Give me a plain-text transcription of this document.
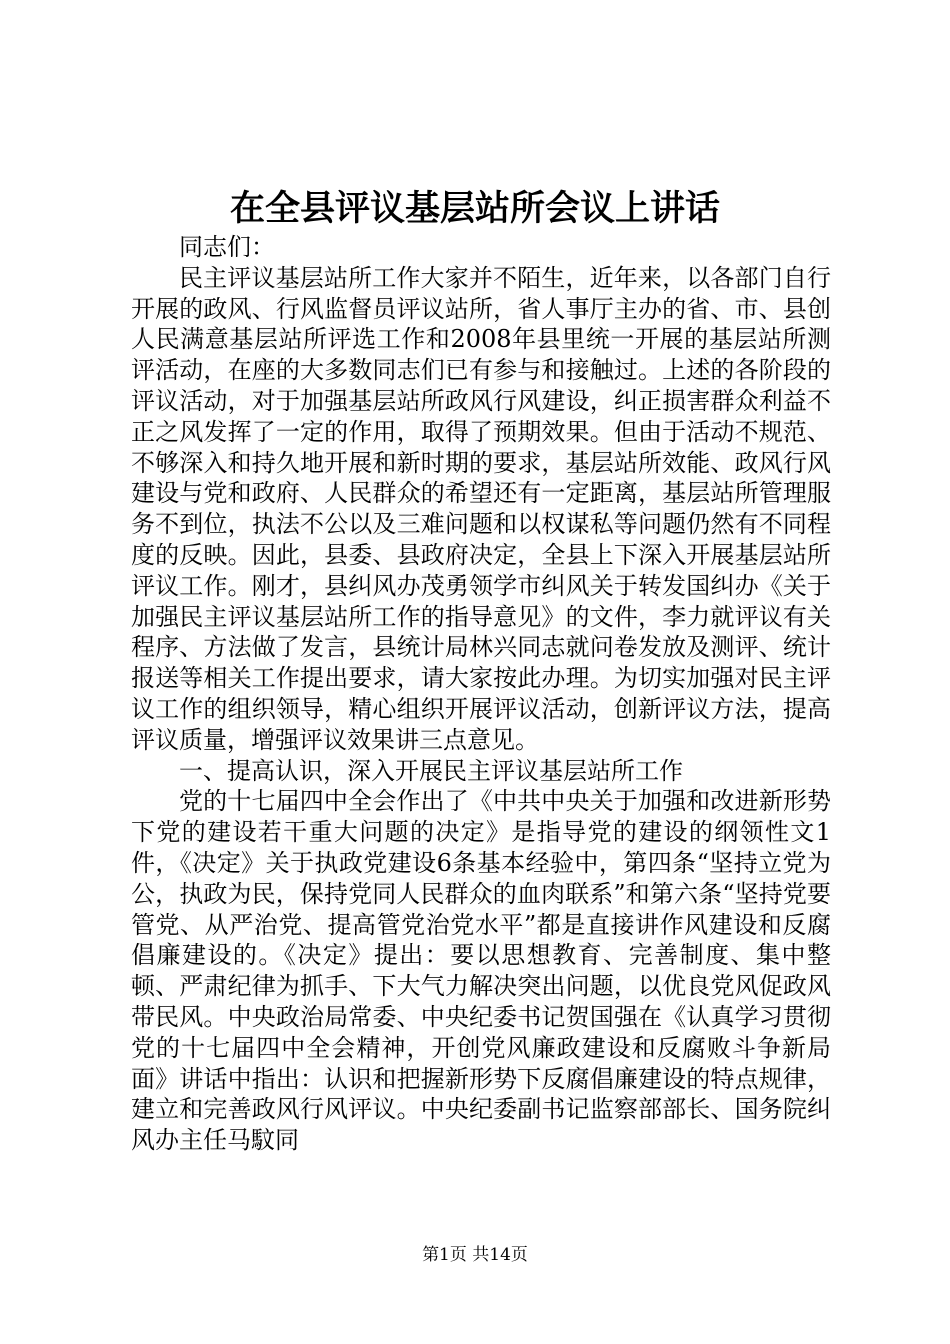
在全县评议基层站所会议上讲话

同志们：

民主评议基层站所工作大家并不陌生，近年来，以各部门自行开展的政风、行风监督员评议站所，省人事厅主办的省、市、县创人民满意基层站所评选工作和2008年县里统一开展的基层站所测评活动，在座的大多数同志们已有参与和接触过。上述的各阶段的评议活动，对于加强基层站所政风行风建设，纠正损害群众利益不正之风发挥了一定的作用，取得了预期效果。但由于活动不规范、不够深入和持久地开展和新时期的要求，基层站所效能、政风行风建设与党和政府、人民群众的希望还有一定距离，基层站所管理服务不到位，执法不公以及三难问题和以权谋私等问题仍然有不同程度的反映。因此，县委、县政府决定，全县上下深入开展基层站所评议工作。刚才，县纠风办茂勇领学市纠风关于转发国纠办《关于加强民主评议基层站所工作的指导意见》的文件，李力就评议有关程序、方法做了发言，县统计局林兴同志就问卷发放及测评、统计报送等相关工作提出要求，请大家按此办理。为切实加强对民主评议工作的组织领导，精心组织开展评议活动，创新评议方法，提高评议质量，增强评议效果讲三点意见。

一、提高认识，深入开展民主评议基层站所工作

党的十七届四中全会作出了《中共中央关于加强和改进新形势下党的建设若干重大问题的决定》是指导党的建设的纲领性文1件，《决定》关于执政党建设6条基本经验中，第四条“坚持立党为公，执政为民，保持党同人民群众的血肉联系”和第六条“坚持党要管党、从严治党、提高管党治党水平”都是直接讲作风建设和反腐倡廉建设的。《决定》提出：要以思想教育、完善制度、集中整顿、严肃纪律为抓手、下大气力解决突出问题，以优良党风促政风带民风。中央政治局常委、中央纪委书记贺国强在《认真学习贯彻党的十七届四中全会精神，开创党风廉政建设和反腐败斗争新局面》讲话中指出：认识和把握新形势下反腐倡廉建设的特点规律，建立和完善政风行风评议。中央纪委副书记监察部部长、国务院纠风办主任马馼同

第1页 共14页
